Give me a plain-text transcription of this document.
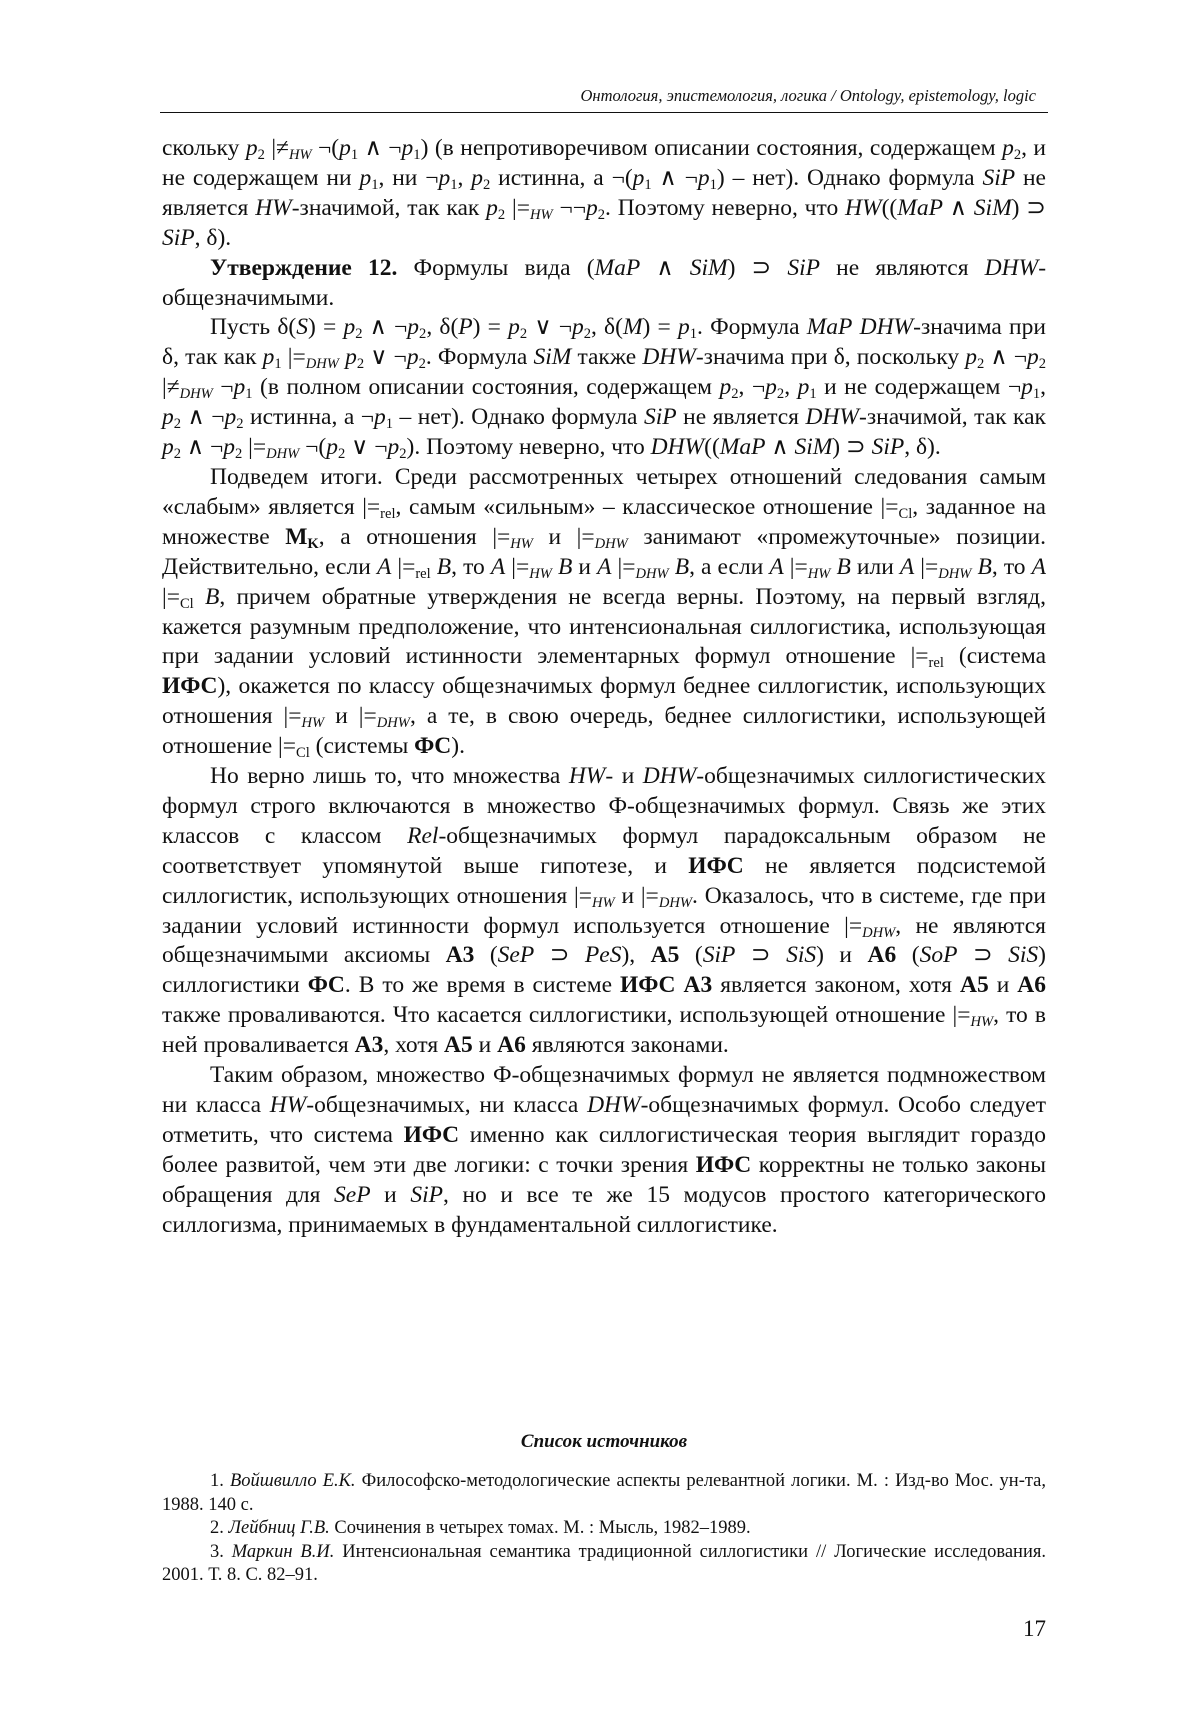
Онтология, эпистемология, логика / Ontology, epistemology, logic

скольку $p_2$ $|\ne_{HW}$ $\neg(p_1$ ∧ $\neg p_1$) (в непротиворечивом описании состояния, содержащем $p_2$, и не содержащем ни $p_1$, ни $\neg p_1$, $p_2$ истинна, а $\neg(p_1$ ∧ $\neg p_1) - нет$). Однако формула SiP не является HW-значимой, так как $p_2$ $|=_{HW}$ $\neg\neg p_2$. Поэтому неверно, что HW((MaP ∧ SiM) ⊃ SiP, δ).

Утверждение 12. Формулы вида (MaP ∧ SiM) ⊃ SiP не являются DHW-общезначимыми.

Пусть $\delta(S) = p_2$ ∧ $\neg p_2$, $\delta(P) = p_2$ ∨ $\neg p_2$, $\delta(M) = p_1$. Формула MaP DHW-значима при δ, так как $p_1$ $|=_{DHW}$ $p_2$ ∨ $\neg p_2$. Формула SiM также DHW-значима при δ, поскольку $p_2$ ∧ $\neg p_2$ $|\ne_{DHW}$ $\neg p_1$ (в полном описании состояния, содержащем $p_2$, $\neg p_2$, $p_1$ и не содержащем $\neg p_1$, $p_2$ ∧ $\neg p_2$ истинна, а $\neg p_1 - нет$). Однако формула SiP не является DHW-значимой, так как $p_2$ ∧ $\neg p_2$ $|=_{DHW}$ $\neg(p_2$ ∨ $\neg p_2$). Поэтому неверно, что DHW((MaP ∧ SiM) ⊃ SiP, δ).

Подведем итоги. Среди рассмотренных четырех отношений следования самым «слабым» является $|=_{rel}$, самым «сильным» – классическое отношение $|=_{Cl}$, заданное на множестве $M_K$, а отношения $|=_{HW}$ и $|=_{DHW}$ занимают «промежуточные» позиции. Действительно, если A $|=_{rel}$ B, то A $|=_{HW}$ B и A $|=_{DHW}$ B, а если A $|=_{HW}$ B или A $|=_{DHW}$ B, то A $|=_{Cl}$ B, причем обратные утверждения не всегда верны. Поэтому, на первый взгляд, кажется разумным предположение, что интенсиональная силлогистика, использующая при задании условий истинности элементарных формул отношение $|=_{rel}$ (система ИФС), окажется по классу общезначимых формул беднее силлогистик, использующих отношения $|=_{HW}$ и $|=_{DHW}$, а те, в свою очередь, беднее силлогистики, использующей отношение $|=_{Cl}$ (системы ФС).

Но верно лишь то, что множества HW- и DHW-общезначимых силлогистических формул строго включаются в множество Ф-общезначимых формул. Связь же этих классов с классом Rel-общезначимых формул парадоксальным образом не соответствует упомянутой выше гипотезе, и ИФС не является подсистемой силлогистик, использующих отношения $|=_{HW}$ и $|=_{DHW}$. Оказалось, что в системе, где при задании условий истинности формул используется отношение $|=_{DHW}$, не являются общезначимыми аксиомы A3 (SeP ⊃ PeS), A5 (SiP ⊃ SiS) и A6 (SoP ⊃ SiS) силлогистики ФС. В то же время в системе ИФС A3 является законом, хотя A5 и A6 также проваливаются. Что касается силлогистики, использующей отношение $|=_{HW}$, то в ней проваливается A3, хотя A5 и A6 являются законами.

Таким образом, множество Ф-общезначимых формул не является подмножеством ни класса HW-общезначимых, ни класса DHW-общезначимых формул. Особо следует отметить, что система ИФС именно как силлогистическая теория выглядит гораздо более развитой, чем эти две логики: с точки зрения ИФС корректны не только законы обращения для SeP и SiP, но и все те же 15 модусов простого категорического силлогизма, принимаемых в фундаментальной силлогистике.

Список источников

1. Войшвилло Е.К. Философско-методологические аспекты релевантной логики. М. : Изд-во Мос. ун-та, 1988. 140 с.

2. Лейбниц Г.В. Сочинения в четырех томах. М. : Мысль, 1982–1989.

3. Маркин В.И. Интенсиональная семантика традиционной силлогистики // Логические исследования. 2001. Т. 8. С. 82–91.

17
